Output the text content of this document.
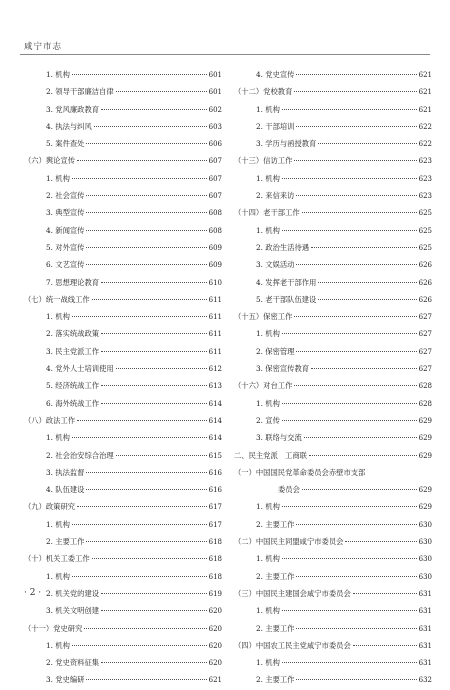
咸宁市志
1. 机构	601
2. 领导干部廉洁自律	601
3. 党风廉政教育	602
4. 执法与纠风	603
5. 案件查处	606
（六）舆论宣传	607
1. 机构	607
2. 社会宣传	607
3. 典型宣传	608
4. 新闻宣传	608
5. 对外宣传	609
6. 文艺宣传	609
7. 思想理论教育	610
（七）统一战线工作	611
1. 机构	611
2. 落实统战政策	611
3. 民主党派工作	611
4. 党外人士培训使用	612
5. 经济统战工作	613
6. 海外统战工作	614
（八）政法工作	614
1. 机构	614
2. 社会治安综合治理	615
3. 执法监督	616
4. 队伍建设	616
（九）政策研究	617
1. 机构	617
2. 主要工作	618
（十）机关工委工作	618
1. 机构	618
2. 机关党的建设	619
3. 机关文明创建	620
（十一）党史研究	620
1. 机构	620
2. 党史资料征集	620
3. 党史编研	621
4. 党史宣传	621
（十二）党校教育	621
1. 机构	621
2. 干部培训	622
3. 学历与函授教育	622
（十三）信访工作	623
1. 机构	623
2. 来信来访	623
（十四）老干部工作	625
1. 机构	625
2. 政治生活待遇	625
3. 文娱活动	626
4. 发挥老干部作用	626
5. 老干部队伍建设	626
（十五）保密工作	627
1. 机构	627
2. 保密管理	627
3. 保密宣传教育	627
（十六）对台工作	628
1. 机构	628
2. 宣传	629
3. 联络与交流	629
二、民主党派　工商联	629
（一）中国国民党革命委员会赤壁市支部
委员会	629
1. 机构	629
2. 主要工作	630
（二）中国民主同盟咸宁市委员会	630
1. 机构	630
2. 主要工作	630
（三）中国民主建国会咸宁市委员会	631
1. 机构	631
2. 主要工作	631
（四）中国农工民主党咸宁市委员会	631
1. 机构	631
2. 主要工作	632
· 2 ·
